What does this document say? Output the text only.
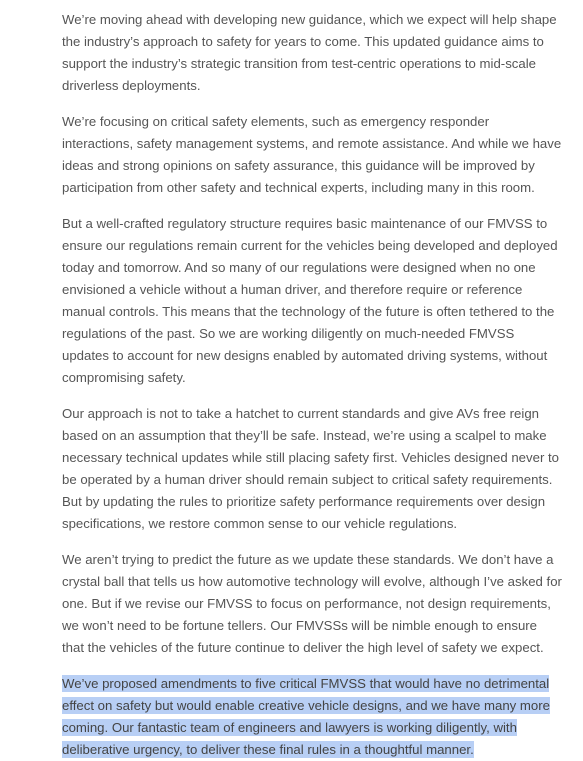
We’re moving ahead with developing new guidance, which we expect will help shape the industry’s approach to safety for years to come. This updated guidance aims to support the industry’s strategic transition from test-centric operations to mid-scale driverless deployments.

We’re focusing on critical safety elements, such as emergency responder interactions, safety management systems, and remote assistance. And while we have ideas and strong opinions on safety assurance, this guidance will be improved by participation from other safety and technical experts, including many in this room.

But a well-crafted regulatory structure requires basic maintenance of our FMVSS to ensure our regulations remain current for the vehicles being developed and deployed today and tomorrow. And so many of our regulations were designed when no one envisioned a vehicle without a human driver, and therefore require or reference manual controls. This means that the technology of the future is often tethered to the regulations of the past. So we are working diligently on much-needed FMVSS updates to account for new designs enabled by automated driving systems, without compromising safety.

Our approach is not to take a hatchet to current standards and give AVs free reign based on an assumption that they’ll be safe. Instead, we’re using a scalpel to make necessary technical updates while still placing safety first. Vehicles designed never to be operated by a human driver should remain subject to critical safety requirements. But by updating the rules to prioritize safety performance requirements over design specifications, we restore common sense to our vehicle regulations.

We aren’t trying to predict the future as we update these standards. We don’t have a crystal ball that tells us how automotive technology will evolve, although I’ve asked for one. But if we revise our FMVSS to focus on performance, not design requirements, we won’t need to be fortune tellers. Our FMVSSs will be nimble enough to ensure that the vehicles of the future continue to deliver the high level of safety we expect.

We’ve proposed amendments to five critical FMVSS that would have no detrimental effect on safety but would enable creative vehicle designs, and we have many more coming. Our fantastic team of engineers and lawyers is working diligently, with deliberative urgency, to deliver these final rules in a thoughtful manner.
